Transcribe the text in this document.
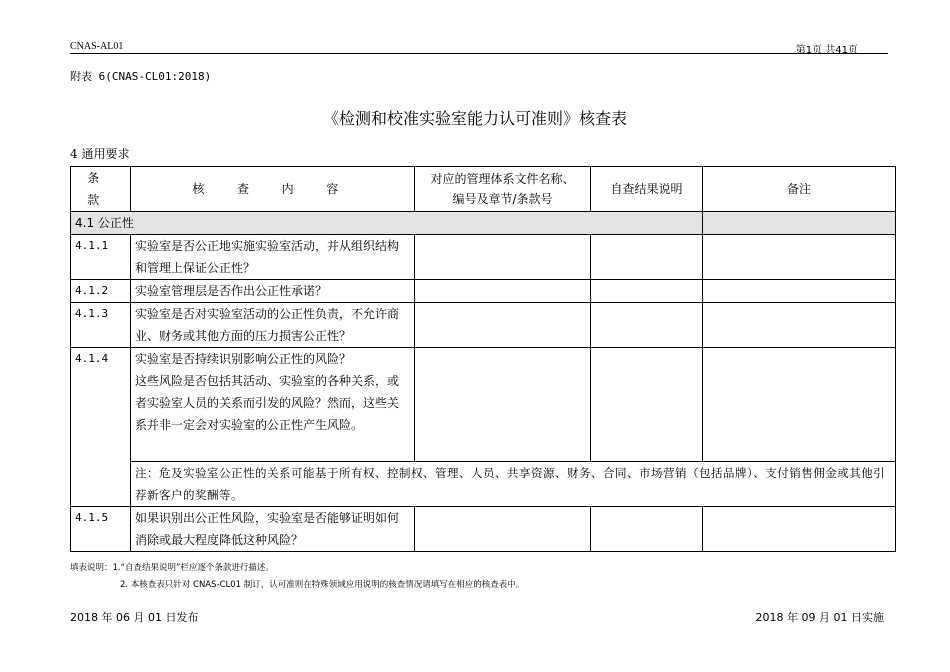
CNAS-AL01	第1页 共41页
附表 6(CNAS-CL01:2018)
《检测和校准实验室能力认可准则》核查表
4 通用要求
条 款	核 查 内 容	对应的管理体系文件名称、
编号及章节/条款号	自查结果说明	备注
4.1 公正性				
4.1.1	实验室是否公正地实施实验室活动，并从组织结构和管理上保证公正性？			
4.1.2	实验室管理层是否作出公正性承诺？			
4.1.3	实验室是否对实验室活动的公正性负责，不允许商业、财务或其他方面的压力损害公正性？			
4.1.4	实验室是否持续识别影响公正性的风险？
这些风险是否包括其活动、实验室的各种关系，或者实验室人员的关系而引发的风险？然而，这些关系并非一定会对实验室的公正性产生风险。			

	注：危及实验室公正性的关系可能基于所有权、控制权、管理、人员、共享资源、财务、合同、市场营销（包括品牌）、支付销售佣金或其他引荐新客户的奖酬等。			
4.1.5	如果识别出公正性风险，实验室是否能够证明如何消除或最大程度降低这种风险？			
填表说明：1.“自查结果说明”栏应逐个条款进行描述。
2. 本核查表只针对 CNAS-CL01 制订，认可准则在特殊领域应用说明的核查情况请填写在相应的核查表中。
2018 年 06 月 01 日发布	2018 年 09 月 01 日实施
